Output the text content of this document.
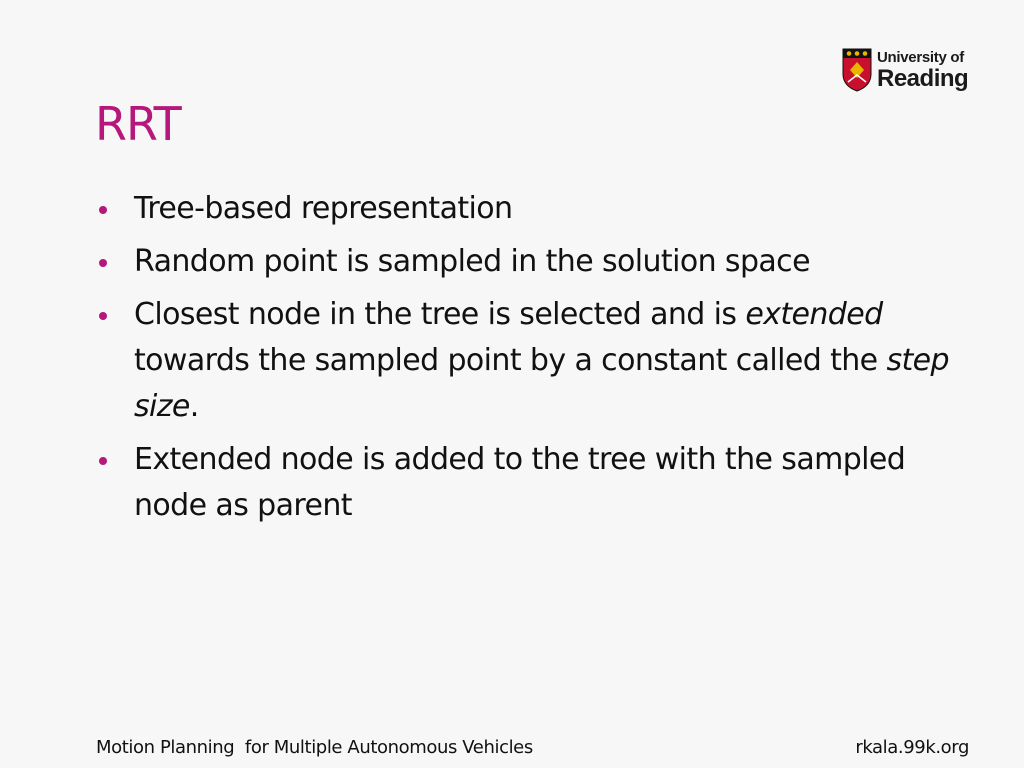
University of
Reading
RRT
Tree-based representation
Random point is sampled in the solution space
Closest node in the tree is selected and is extended towards the sampled point by a constant called the step size.
Extended node is added to the tree with the sampled node as parent
Motion Planning  for Multiple Autonomous Vehicles	rkala.99k.org
